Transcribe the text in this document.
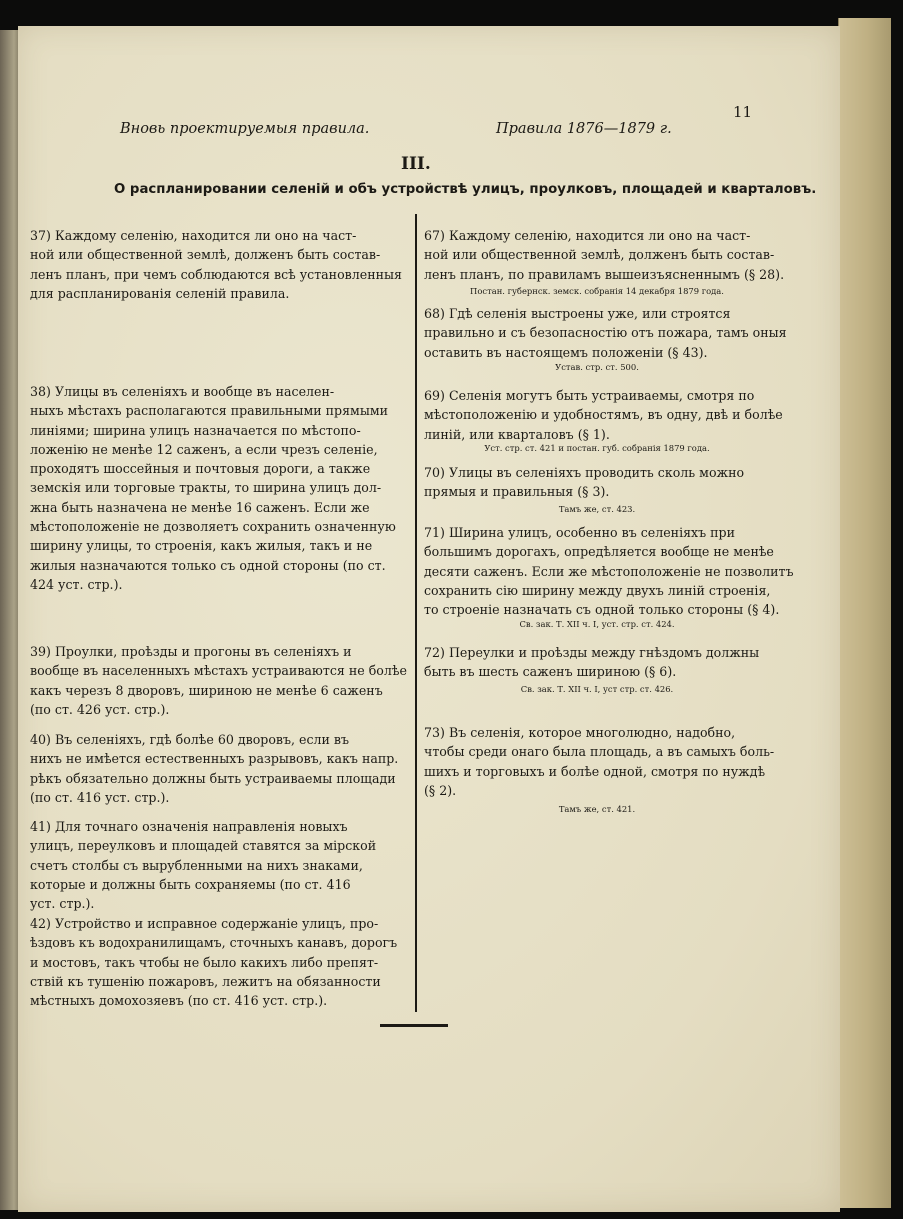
Вновь проектируемыя правила.	Правила 1876—1879 г.
11
III.
О распланировании селеній и объ устройствѣ улицъ, проулковъ, площадей и кварталовъ.
37) Каждому селенію, находится ли оно на част-
ной или общественной землѣ, долженъ быть состав-
ленъ планъ, при чемъ соблюдаются всѣ установленныя
для распланированія селеній правила.
38) Улицы въ селеніяхъ и вообще въ населен-
ныхъ мѣстахъ располагаются правильными прямыми
линіями; ширина улицъ назначается по мѣстопо-
ложенію не менѣе 12 саженъ, а если чрезъ селеніе,
проходятъ шоссейныя и почтовыя дороги, а также
земскія или торговые тракты, то ширина улицъ дол-
жна быть назначена не менѣе 16 саженъ. Если же
мѣстоположеніе не дозволяетъ сохранить означенную
ширину улицы, то строенія, какъ жилыя, такъ и не
жилыя назначаются только съ одной стороны (по ст.
424 уст. стр.).
39) Проулки, проѣзды и прогоны въ селеніяхъ и
вообще въ населенныхъ мѣстахъ устраиваются не болѣе
какъ черезъ 8 дворовъ, шириною не менѣе 6 саженъ
(по ст. 426 уст. стр.).
40) Въ селеніяхъ, гдѣ болѣе 60 дворовъ, если въ
нихъ не имѣется естественныхъ разрывовъ, какъ напр.
рѣкъ обязательно должны быть устраиваемы площади
(по ст. 416 уст. стр.).
41) Для точнаго означенія направленія новыхъ
улицъ, переулковъ и площадей ставятся за мірской
счетъ столбы съ вырубленными на нихъ знаками,
которые и должны быть сохраняемы (по ст. 416
уст. стр.).
42) Устройство и исправное содержаніе улицъ, про-
ѣздовъ къ водохранилищамъ, сточныхъ канавъ, дорогъ
и мостовъ, такъ чтобы не было какихъ либо препят-
ствій къ тушенію пожаровъ, лежитъ на обязанности
мѣстныхъ домохозяевъ (по ст. 416 уст. стр.).
67) Каждому селенію, находится ли оно на част-
ной или общественной землѣ, долженъ быть состав-
ленъ планъ, по правиламъ вышеизъясненнымъ (§ 28).
Постан. губернск. земск. собранія 14 декабря 1879 года.
68) Гдѣ селенія выстроены уже, или строятся
правильно и съ безопасностію отъ пожара, тамъ оныя
оставить въ настоящемъ положеніи (§ 43).
Устав. стр. ст. 500.
69) Селенія могутъ быть устраиваемы, смотря по
мѣстоположенію и удобностямъ, въ одну, двѣ и болѣе
линій, или кварталовъ (§ 1).
Уст. стр. ст. 421 и постан. губ. собранія 1879 года.
70) Улицы въ селеніяхъ проводить сколь можно
прямыя и правильныя (§ 3).
Тамъ же, ст. 423.
71) Ширина улицъ, особенно въ селеніяхъ при
большимъ дорогахъ, опредѣляется вообще не менѣе
десяти саженъ. Если же мѣстоположеніе не позволитъ
сохранить сію ширину между двухъ линій строенія,
то строеніе назначать съ одной только стороны (§ 4).
Св. зак. Т. XII ч. I, уст. стр. ст. 424.
72) Переулки и проѣзды между гнѣздомъ должны
быть въ шесть саженъ шириною (§ 6).
Св. зак. Т. XII ч. I, уст стр. ст. 426.
73) Въ селенія, которое многолюдно, надобно,
чтобы среди онаго была площадь, а въ самыхъ боль-
шихъ и торговыхъ и болѣе одной, смотря по нуждѣ
(§ 2).
Тамъ же, ст. 421.
